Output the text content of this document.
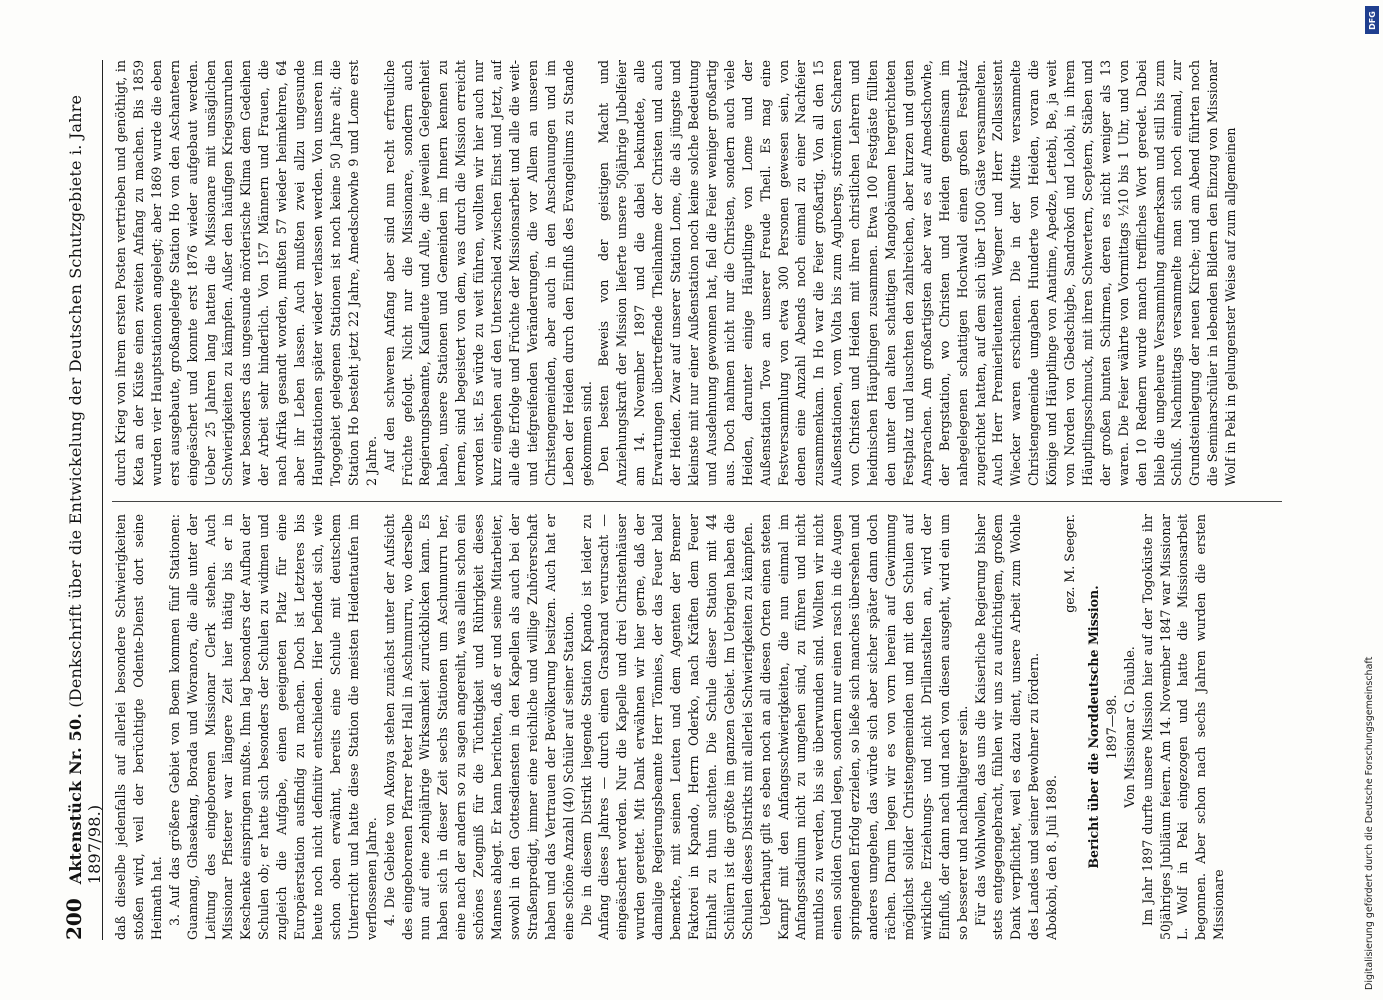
200
Aktenstück Nr. 50. (Denkschrift über die Entwickelung der Deutschen Schutzgebiete i. Jahre 1897/98.) daß dieselbe jedenfalls auf allerlei besondere Schwierigkeiten stoßen wird, weil der berüchtigte Odente-Dienst dort seine Heimath hat. 3. Auf das größere Gebiet von Boem kommen fünf Stationen: Guamang, Ghasekang, Borada und Woranora, die alle unter der Leitung des eingeborenen Missionar Clerk stehen. Auch Missionar Pfisterer war längere Zeit hier thätig bis er in Keschenke einspringen mußte. Ihm lag besonders der Aufbau der Schulen ob; er hatte sich besonders der Schulen zu widmen und zugleich die Aufgabe, einen geeigneten Platz für eine Europäerstation ausfindig zu machen. Doch ist Letzteres bis heute noch nicht definitiv entschieden. Hier befindet sich, wie schon oben erwähnt, bereits eine Schule mit deutschem Unterricht und hatte diese Station die meisten Heidentaufen im verflossenen Jahre. 4. Die Gebiete von Akonya stehen zunächst unter der Aufsicht des eingeborenen Pfarrer Peter Hall in Aschumurru, wo derselbe nun auf eine zehnjährige Wirksamkeit zurückblicken kann. Es haben sich in dieser Zeit sechs Stationen um Aschumurru her, eine nach der andern so zu sagen angereiht, was allein schon ein schönes Zeugniß für die Tüchtigkeit und Rührigkeit dieses Mannes ablegt. Er kann berichten, daß er und seine Mitarbeiter, sowohl in den Gottesdiensten in den Kapellen als auch bei der Straßenpredigt, immer eine reichliche und willige Zuhörerschaft haben und das Vertrauen der Bevölkerung besitzen. Auch hat er eine schöne Anzahl (40) Schüler auf seiner Station. Die in diesem Distrikt liegende Station Kpando ist leider zu Anfang dieses Jahres — durch einen Grasbrand verursacht — eingeäschert worden. Nur die Kapelle und drei Christenhäuser wurden gerettet. Mit Dank erwähnen wir hier gerne, daß der damalige Regierungsbeamte Herr Tönnies, der das Feuer bald bemerkte, mit seinen Leuten und dem Agenten der Bremer Faktorei in Kpando, Herrn Oderko, nach Kräften dem Feuer Einhalt zu thun suchten. Die Schule dieser Station mit 44 Schülern ist die größte im ganzen Gebiet. Im Uebrigen haben die Schulen dieses Distrikts mit allerlei Schwierigkeiten zu kämpfen. Ueberhaupt gilt es eben noch an all diesen Orten einen steten Kampf mit den Anfangsschwierigkeiten, die nun einmal im Anfangsstadium nicht zu umgehen sind, zu führen und nicht muthlos zu werden, bis sie überwunden sind. Wollten wir nicht einen soliden Grund legen, sondern nur einen rasch in die Augen springenden Erfolg erzielen, so ließe sich manches übersehen und anderes umgehen, das würde sich aber sicher später dann doch rächen. Darum legen wir es von vorn herein auf Gewinnung möglichst solider Christengemeinden und mit den Schulen auf wirkliche Erziehungs- und nicht Drillanstalten an, wird der Einfluß, der dann nach und nach von diesen ausgeht, wird ein um so besserer und nachhaltigerer sein. Für das Wohlwollen, das uns die Kaiserliche Regierung bisher stets entgegengebracht, fühlen wir uns zu aufrichtigem, großem Dank verpflichtet, weil es dazu dient, unsere Arbeit zum Wohle des Landes und seiner Bewohner zu fördern. Abokobi, den 8. Juli 1898.

gez. M. Seeger.

Bericht über die Norddeutsche Mission. 1897—98. Von Missionar G. Däuble. Im Jahr 1897 durfte unsere Mission hier auf der Togoküste ihr 50jähriges Jubiläum feiern. Am 14. November 1847 war Missionar L. Wolf in Peki eingezogen und hatte die Missionsarbeit begonnen. Aber schon nach sechs Jahren wurden die ersten Missionare

durch Krieg von ihrem ersten Posten vertrieben und genöthigt, in Keta an der Küste einen zweiten Anfang zu machen. Bis 1859 wurden vier Hauptstationen angelegt; aber 1869 wurde die eben erst ausgebaute, großangelegte Station Ho von den Aschanteern eingeäschert und konnte erst 1876 wieder aufgebaut werden. Ueber 25 Jahren lang hatten die Missionare mit unsäglichen Schwierigkeiten zu kämpfen. Außer den häufigen Kriegsunruhen war besonders das ungesunde mörderische Klima dem Gedeihen der Arbeit sehr hinderlich. Von 157 Männern und Frauen, die nach Afrika gesandt worden, mußten 57 wieder heimkehren, 64 aber ihr Leben lassen. Auch mußten zwei allzu ungesunde Hauptstationen später wieder verlassen werden. Von unseren im Togogebiet gelegenen Stationen ist noch keine 50 Jahre alt; die Station Ho besteht jetzt 22 Jahre, Amedschowhe 9 und Lome erst 2 Jahre. Auf den schweren Anfang aber sind nun recht erfreuliche Früchte gefolgt. Nicht nur die Missionare, sondern auch Regierungsbeamte, Kaufleute und Alle, die jeweilen Gelegenheit haben, unsere Stationen und Gemeinden im Innern kennen zu lernen, sind begeistert von dem, was durch die Mission erreicht worden ist. Es würde zu weit führen, wollten wir hier auch nur kurz eingehen auf den Unterschied zwischen Einst und Jetzt, auf alle die Erfolge und Früchte der Missionsarbeit und alle die weit- und tiefgreifenden Veränderungen, die vor Allem an unseren Christengemeinden, aber auch in den Anschauungen und im Leben der Heiden durch den Einfluß des Evangeliums zu Stande gekommen sind. Den besten Beweis von der geistigen Macht und Anziehungskraft der Mission lieferte unsere 50jährige Jubelfeier am 14. November 1897 und die dabei bekundete, alle Erwartungen übertreffende Theilnahme der Christen und auch der Heiden. Zwar auf unserer Station Lome, die als jüngste und kleinste mit nur einer Außenstation noch keine solche Bedeutung und Ausdehnung gewonnen hat, fiel die Feier weniger großartig aus. Doch nahmen nicht nur die Christen, sondern auch viele Heiden, darunter einige Häuptlinge von Lome und der Außenstation Tove an unserer Freude Theil. Es mag eine Festversammlung von etwa 300 Personen gewesen sein, von denen eine Anzahl Abends noch einmal zu einer Nachfeier zusammenkam. In Ho war die Feier großartig. Von all den 15 Außenstationen, vom Volta bis zum Agubergs, strömten Scharen von Christen und Heiden mit ihren christlichen Lehrern und heidnischen Häuptlingen zusammen. Etwa 100 Festgäste füllten den unter den alten schattigen Mangobäumen hergerichteten Festplatz und lauschten den zahlreichen, aber kurzen und guten Ansprachen. Am großartigsten aber war es auf Amedschowhe, der Bergstation, wo Christen und Heiden gemeinsam im nahegelegenen schattigen Hochwald einen großen Festplatz zugerichtet hatten, auf dem sich über 1500 Gäste versammelten. Auch Herr Premierlieutenant Wegner und Herr Zollassistent Wiecker waren erschienen. Die in der Mitte versammelte Christengemeinde umgaben Hunderte von Heiden, voran die Könige und Häuptlinge von Anatime, Apedze, Lettebi, Be, ja weit von Norden von Gbedschigbe, Sandrokofi und Lolobi, in ihrem Häuptlingsschmuck, mit ihren Schwertern, Sceptern, Stäben und der großen bunten Schirmen, deren es nicht weniger als 13 waren. Die Feier währte von Vormittags ½10 bis 1 Uhr, und von den 10 Rednern wurde manch treffliches Wort geredet. Dabei blieb die ungeheure Versammlung aufmerksam und still bis zum Schluß. Nachmittags versammelte man sich noch einmal, zur Grundsteinlegung der neuen Kirche; und am Abend führten noch die Seminarschüler in lebenden Bildern den Einzug von Missionar Wolf in Peki in gelungenster Weise auf zum allgemeinen

DFG
Digitalisierung gefördert durch die Deutsche Forschungsgemeinschaft
